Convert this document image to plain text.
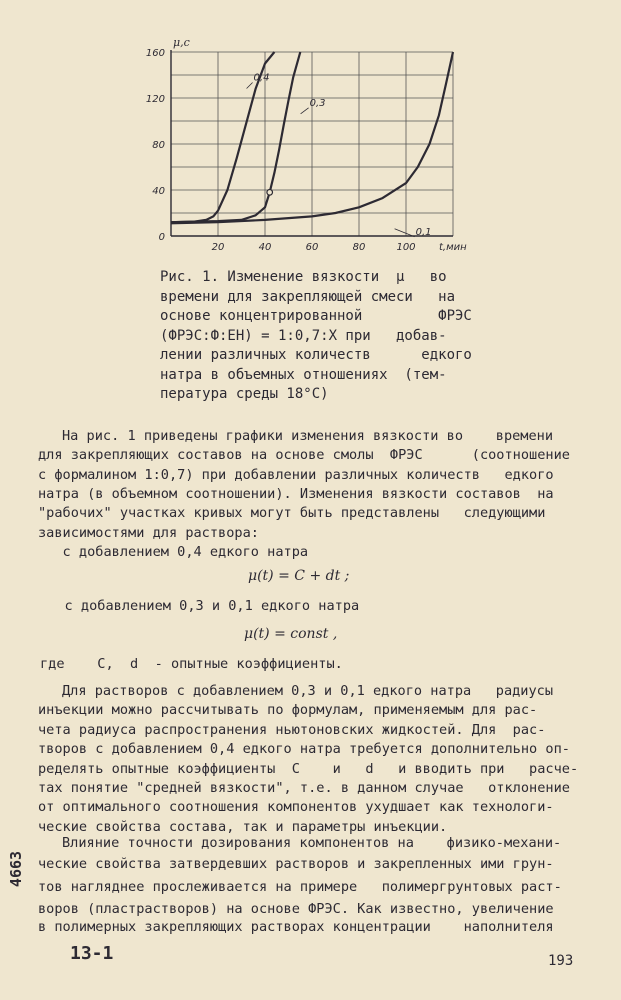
20	40	60	80	100
0
40
80
120
160
μ,с
t,мин
0,4
0,3
0,1
Рис. 1. Изменение вязкости  μ   во
времени для закрепляющей смеси   на
основе концентрированной         ФРЭС
(ФРЭС:Ф:ЕН) = 1:0,7:Х при   добав-
лении различных количеств      едкого
натра в объемных отношениях  (тем-
пература среды 18°С)
На рис. 1 приведены графики изменения вязкости во    времени
для закрепляющих составов на основе смолы  ФРЭС      (соотношение
с формалином 1:0,7) при добавлении различных количеств   едкого
натра (в объемном соотношении). Изменения вязкости составов  на
"рабочих" участках кривых могут быть представлены   следующими
зависимостями для раствора:
с добавлением 0,4 едкого натра
μ(t) = C + dt ;
с добавлением 0,3 и 0,1 едкого натра
μ(t) = const ,
где    C,  d  - опытные коэффициенты.
Для растворов с добавлением 0,3 и 0,1 едкого натра   радиусы
инъекции можно рассчитывать по формулам, применяемым для рас-
чета радиуса распространения ньютоновских жидкостей. Для  рас-
творов с добавлением 0,4 едкого натра требуется дополнительно оп-
ределять опытные коэффициенты  C    и   d   и вводить при   расче-
тах понятие "средней вязкости", т.е. в данном случае   отклонение
от оптимального соотношения компонентов ухудшает как технологи-
ческие свойства состава, так и параметры инъекции.
Влияние точности дозирования компонентов на    физико-механи-
ческие свойства затвердевших растворов и закрепленных ими грун-
тов нагляднее прослеживается на примере   полимергрунтовых раст-
воров (пластрастворов) на основе ФРЭС. Как известно, увеличение
в полимерных закрепляющих растворах концентрации    наполнителя
4663
13-1	193
